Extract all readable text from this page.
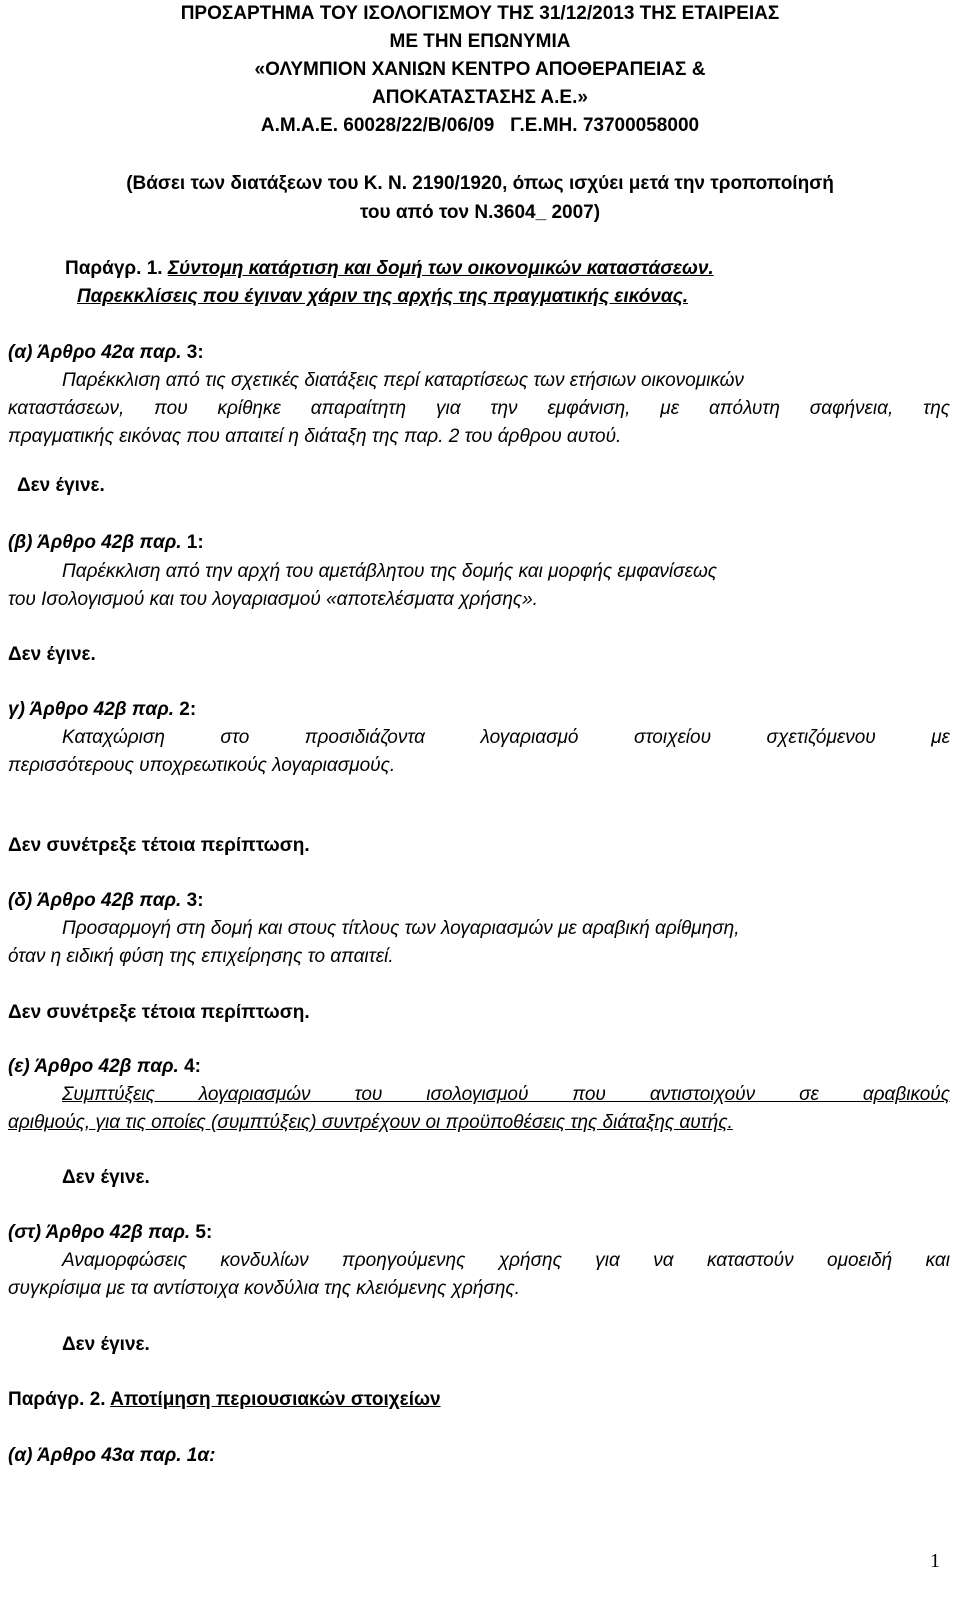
ΠΡΟΣΑΡΤΗΜΑ ΤΟΥ ΙΣΟΛΟΓΙΣΜΟΥ ΤΗΣ 31/12/2013 ΤΗΣ ΕΤΑΙΡΕΙΑΣ
ΜΕ ΤΗΝ ΕΠΩΝΥΜΙΑ
«ΟΛΥΜΠΙΟΝ ΧΑΝΙΩΝ ΚΕΝΤΡΟ ΑΠΟΘΕΡΑΠΕΙΑΣ &
ΑΠΟΚΑΤΑΣΤΑΣΗΣ Α.Ε.»
Α.Μ.Α.Ε. 60028/22/Β/06/09   Γ.Ε.ΜΗ. 73700058000
(Βάσει των διατάξεων του Κ. Ν. 2190/1920, όπως ισχύει μετά την τροποποίησή
του από τον Ν.3604_ 2007)
Παράγρ. 1. Σύντομη κατάρτιση και δομή των οικονομικών καταστάσεων.
Παρεκκλίσεις που έγιναν χάριν της αρχής της πραγματικής εικόνας.
(α) Άρθρο 42α παρ. 3:
Παρέκκλιση από τις σχετικές διατάξεις περί καταρτίσεως των ετήσιων οικονομικών
καταστάσεων, που κρίθηκε απαραίτητη για την εμφάνιση, με απόλυτη σαφήνεια, της
πραγματικής εικόνας που απαιτεί η διάταξη της παρ. 2 του άρθρου αυτού.
Δεν έγινε.
(β) Άρθρο 42β παρ. 1:
Παρέκκλιση από την αρχή του αμετάβλητου της δομής και μορφής εμφανίσεως
του Ισολογισμού και του λογαριασμού «αποτελέσματα χρήσης».
Δεν έγινε.
γ) Άρθρο 42β παρ. 2:
Καταχώριση στο προσιδιάζοντα λογαριασμό στοιχείου σχετιζόμενου με
περισσότερους υποχρεωτικούς λογαριασμούς.
Δεν συνέτρεξε τέτοια περίπτωση.
(δ) Άρθρο 42β παρ. 3:
Προσαρμογή στη δομή και στους τίτλους των λογαριασμών με αραβική αρίθμηση,
όταν η ειδική φύση της επιχείρησης το απαιτεί.
Δεν συνέτρεξε τέτοια περίπτωση.
(ε) Άρθρο 42β παρ. 4:
Συμπτύξεις λογαριασμών του ισολογισμού που αντιστοιχούν σε αραβικούς
αριθμούς, για τις οποίες (συμπτύξεις) συντρέχουν οι προϋποθέσεις της διάταξης αυτής.
Δεν έγινε.
(στ) Άρθρο 42β παρ. 5:
Αναμορφώσεις κονδυλίων προηγούμενης χρήσης για να καταστούν ομοειδή και
συγκρίσιμα με τα αντίστοιχα κονδύλια της κλειόμενης χρήσης.
Δεν έγινε.
Παράγρ. 2. Αποτίμηση περιουσιακών στοιχείων
(α) Άρθρο 43α παρ. 1α:
1
